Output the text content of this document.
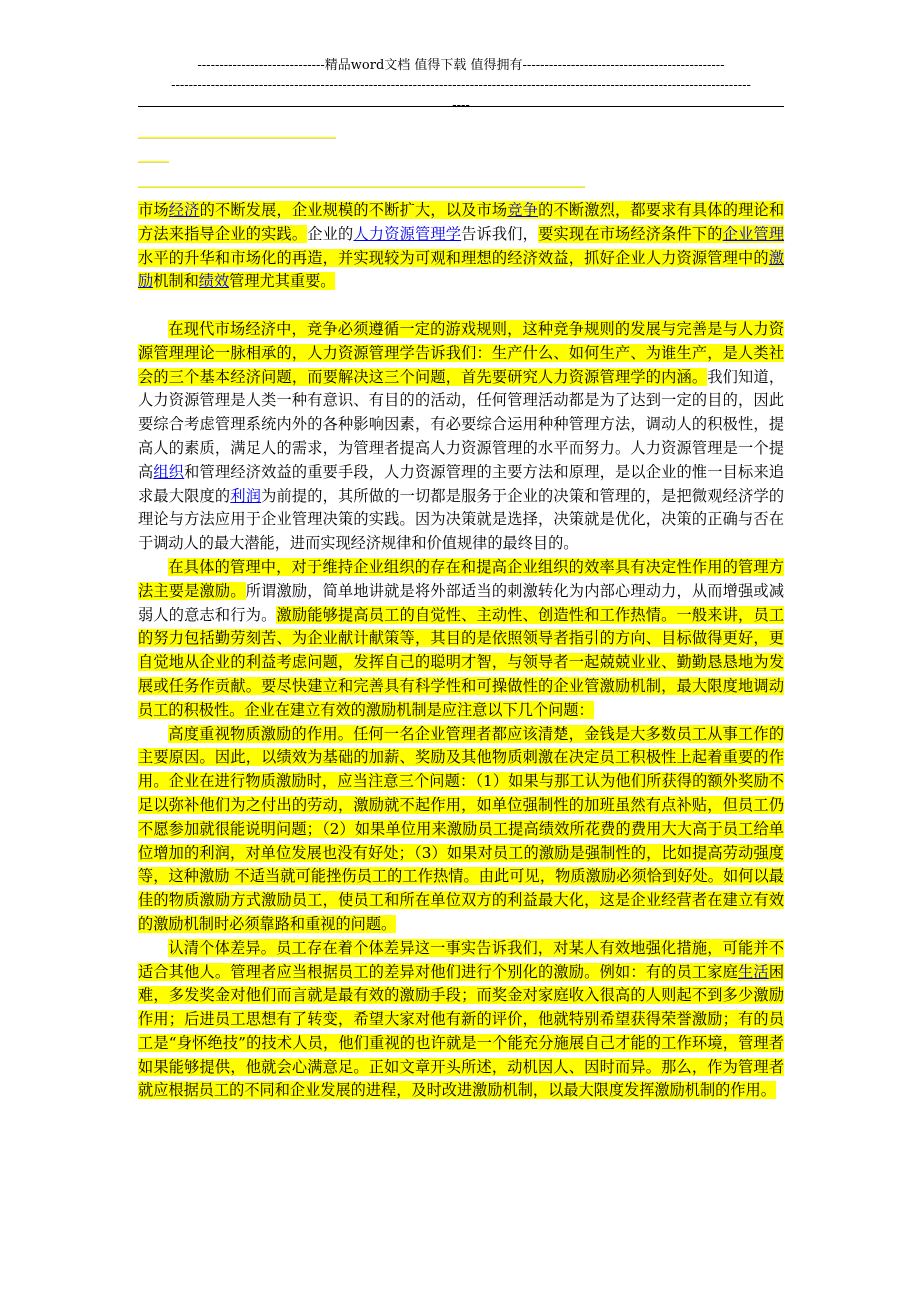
-----------------------------精品word文档 值得下载 值得拥有----------------------------------------------
------------------------------------------------------------------------------------------------------------------------------------
----

市场经济的不断发展，企业规模的不断扩大，以及市场竞争的不断激烈，都要求有具体的理论和方法来指导企业的实践。企业的人力资源管理学告诉我们，要实现在市场经济条件下的企业管理水平的升华和市场化的再造，并实现较为可观和理想的经济效益，抓好企业人力资源管理中的激励机制和绩效管理尤其重要。

在现代市场经济中，竞争必须遵循一定的游戏规则，这种竞争规则的发展与完善是与人力资源管理理论一脉相承的，人力资源管理学告诉我们：生产什么、如何生产、为谁生产，是人类社会的三个基本经济问题，而要解决这三个问题，首先要研究人力资源管理学的内涵。我们知道，人力资源管理是人类一种有意识、有目的的活动，任何管理活动都是为了达到一定的目的，因此要综合考虑管理系统内外的各种影响因素，有必要综合运用种种管理方法，调动人的积极性，提高人的素质，满足人的需求，为管理者提高人力资源管理的水平而努力。人力资源管理是一个提高组织和管理经济效益的重要手段，人力资源管理的主要方法和原理，是以企业的惟一目标来追求最大限度的利润为前提的，其所做的一切都是服务于企业的决策和管理的，是把微观经济学的理论与方法应用于企业管理决策的实践。因为决策就是选择，决策就是优化，决策的正确与否在于调动人的最大潜能，进而实现经济规律和价值规律的最终目的。

在具体的管理中，对于维持企业组织的存在和提高企业组织的效率具有决定性作用的管理方法主要是激励。所谓激励，简单地讲就是将外部适当的刺激转化为内部心理动力，从而增强或减弱人的意志和行为。激励能够提高员工的自觉性、主动性、创造性和工作热情。一般来讲，员工的努力包括勤劳刻苦、为企业献计献策等，其目的是依照领导者指引的方向、目标做得更好，更自觉地从企业的利益考虑问题，发挥自己的聪明才智，与领导者一起兢兢业业、勤勤恳恳地为发展或任务作贡献。要尽快建立和完善具有科学性和可操做性的企业管激励机制，最大限度地调动员工的积极性。企业在建立有效的激励机制是应注意以下几个问题：

高度重视物质激励的作用。任何一名企业管理者都应该清楚，金钱是大多数员工从事工作的主要原因。因此，以绩效为基础的加薪、奖励及其他物质刺激在决定员工积极性上起着重要的作用。企业在进行物质激励时，应当注意三个问题：（1）如果与那工认为他们所获得的额外奖励不足以弥补他们为之付出的劳动，激励就不起作用，如单位强制性的加班虽然有点补贴，但员工仍不愿参加就很能说明问题；（2）如果单位用来激励员工提高绩效所花费的费用大大高于员工给单位增加的利润，对单位发展也没有好处；（3）如果对员工的激励是强制性的，比如提高劳动强度等，这种激励 不适当就可能挫伤员工的工作热情。由此可见，物质激励必须恰到好处。如何以最佳的物质激励方式激励员工，使员工和所在单位双方的利益最大化，这是企业经营者在建立有效的激励机制时必须靠路和重视的问题。

认清个体差异。员工存在着个体差异这一事实告诉我们，对某人有效地强化措施，可能并不适合其他人。管理者应当根据员工的差异对他们进行个别化的激励。例如：有的员工家庭生活困难，多发奖金对他们而言就是最有效的激励手段；而奖金对家庭收入很高的人则起不到多少激励 作用；后进员工思想有了转变，希望大家对他有新的评价，他就特别希望获得荣誉激励；有的员工是“身怀绝技”的技术人员，他们重视的也许就是一个能充分施展自己才能的工作环境，管理者如果能够提供，他就会心满意足。正如文章开头所述，动机因人、因时而异。那么，作为管理者就应根据员工的不同和企业发展的进程，及时改进激励机制，以最大限度发挥激励机制的作用。
